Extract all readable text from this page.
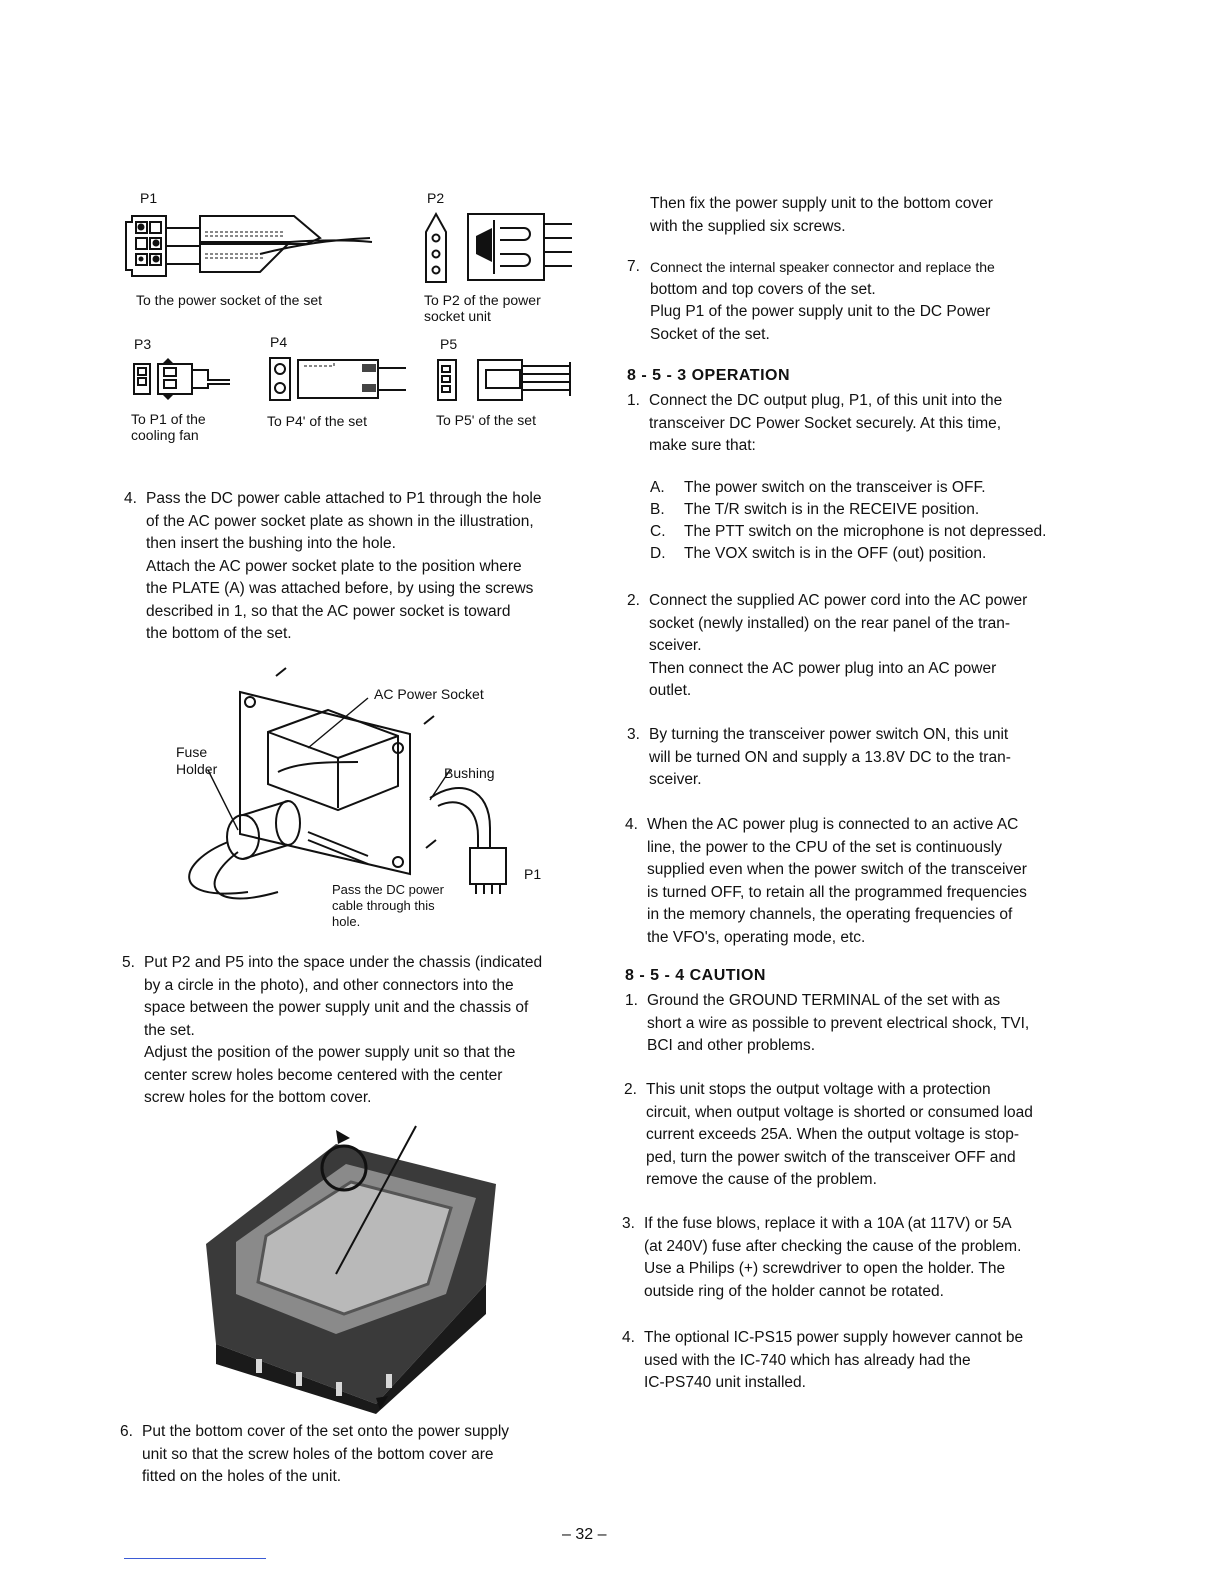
P1	P2
To the power socket of the set	To P2 of the power
socket unit
P3	P4	P5
To P1 of the
cooling fan
To P4' of the set	To P5' of the set
4. Pass the DC power cable attached to P1 through the hole
of the AC power socket plate as shown in the illustration,
then insert the bushing into the hole.
Attach the AC power socket plate to the position where
the PLATE (A) was attached before, by using the screws
described in 1, so that the AC power socket is toward
the bottom of the set.
AC Power Socket
Fuse
Holder	Bushing
P1
Pass the DC power
cable through this
hole.
5. Put P2 and P5 into the space under the chassis (indicated
by a circle in the photo), and other connectors into the
space between the power supply unit and the chassis of
the set.
Adjust the position of the power supply unit so that the
center screw holes become centered with the center
screw holes for the bottom cover.
6. Put the bottom cover of the set onto the power supply
unit so that the screw holes of the bottom cover are
fitted on the holes of the unit.
Then fix the power supply unit to the bottom cover
with the supplied six screws.
7. Connect the internal speaker connector and replace the
bottom and top covers of the set.
Plug P1 of the power supply unit to the DC Power
Socket of the set.
8 - 5 - 3 OPERATION
1. Connect the DC output plug, P1, of this unit into the
transceiver DC Power Socket securely. At this time,
make sure that:
A. The power switch on the transceiver is OFF.
B. The T/R switch is in the RECEIVE position.
C. The PTT switch on the microphone is not depressed.
D. The VOX switch is in the OFF (out) position.
2. Connect the supplied AC power cord into the AC power
socket (newly installed) on the rear panel of the tran-
sceiver.
Then connect the AC power plug into an AC power
outlet.
3. By turning the transceiver power switch ON, this unit
will be turned ON and supply a 13.8V DC to the tran-
sceiver.
4. When the AC power plug is connected to an active AC
line, the power to the CPU of the set is continuously
supplied even when the power switch of the transceiver
is turned OFF, to retain all the programmed frequencies
in the memory channels, the operating frequencies of
the VFO's, operating mode, etc.
8 - 5 - 4 CAUTION
1. Ground the GROUND TERMINAL of the set with as
short a wire as possible to prevent electrical shock, TVI,
BCI and other problems.
2. This unit stops the output voltage with a protection
circuit, when output voltage is shorted or consumed load
current exceeds 25A. When the output voltage is stop-
ped, turn the power switch of the transceiver OFF and
remove the cause of the problem.
3. If the fuse blows, replace it with a 10A (at 117V) or 5A
(at 240V) fuse after checking the cause of the problem.
Use a Philips (+) screwdriver to open the holder. The
outside ring of the holder cannot be rotated.
4. The optional IC-PS15 power supply however cannot be
used with the IC-740 which has already had the
IC-PS740 unit installed.
– 32 –
